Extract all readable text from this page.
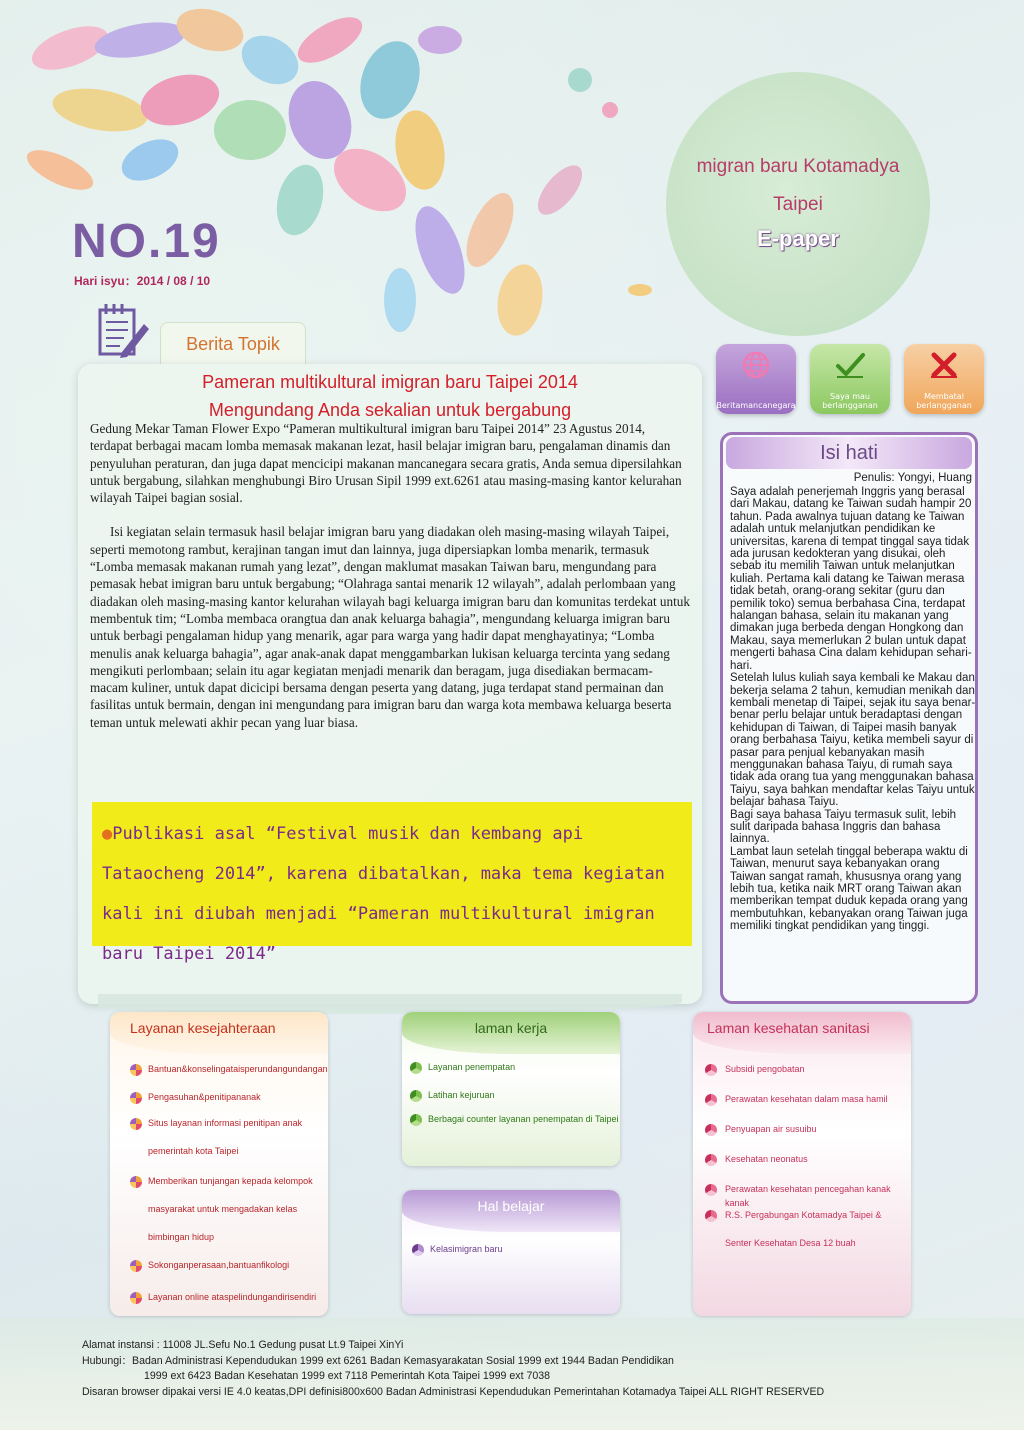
migran baru Kotamadya
Taipei
E-paper
NO.19
Hari isyu：2014 / 08 / 10
Berita Topik
Pameran multikultural imigran baru Taipei 2014
Mengundang Anda sekalian untuk bergabung

Gedung Mekar Taman Flower Expo “Pameran multikultural imigran baru Taipei 2014” 23 Agustus 2014, terdapat berbagai macam lomba memasak makanan lezat, hasil belajar imigran baru, pengalaman dinamis dan penyuluhan peraturan, dan juga dapat mencicipi makanan mancanegara secara gratis, Anda semua dipersilahkan untuk bergabung, silahkan menghubungi Biro Urusan Sipil 1999 ext.6261 atau masing-masing kantor kelurahan wilayah Taipei bagian sosial.

Isi kegiatan selain termasuk hasil belajar imigran baru yang diadakan oleh masing-masing wilayah Taipei, seperti memotong rambut, kerajinan tangan imut dan lainnya, juga dipersiapkan lomba menarik, termasuk “Lomba memasak makanan rumah yang lezat”, dengan maklumat masakan Taiwan baru, mengundang para pemasak hebat imigran baru untuk bergabung; “Olahraga santai menarik 12 wilayah”, adalah perlombaan yang diadakan oleh masing-masing kantor kelurahan wilayah bagi keluarga imigran baru dan komunitas terdekat untuk membentuk tim; “Lomba membaca orangtua dan anak keluarga bahagia”, mengundang keluarga imigran baru untuk berbagi pengalaman hidup yang menarik, agar para warga yang hadir dapat menghayatinya; “Lomba menulis anak keluarga bahagia”, agar anak-anak dapat menggambarkan lukisan keluarga tercinta yang sedang mengikuti perlombaan; selain itu agar kegiatan menjadi menarik dan beragam, juga disediakan bermacam-macam kuliner, untuk dapat dicicipi bersama dengan peserta yang datang, juga terdapat stand permainan dan fasilitas untuk bermain, dengan ini mengundang para imigran baru dan warga kota membawa keluarga beserta teman untuk melewati akhir pecan yang luar biasa.

●Publikasi asal “Festival musik dan kembang api Tataocheng 2014”, karena dibatalkan, maka tema kegiatan kali ini diubah menjadi “Pameran multikultural imigran baru Taipei 2014”
Beritamancanegara
Saya mau berlangganan
Membatal berlangganan
Isi hati
Penulis: Yongyi, Huang

Saya adalah penerjemah Inggris yang berasal dari Makau, datang ke Taiwan sudah hampir 20 tahun. Pada awalnya tujuan datang ke Taiwan adalah untuk melanjutkan pendidikan ke universitas, karena di tempat tinggal saya tidak ada jurusan kedokteran yang disukai, oleh sebab itu memilih Taiwan untuk melanjutkan kuliah. Pertama kali datang ke Taiwan merasa tidak betah, orang-orang sekitar (guru dan pemilik toko) semua berbahasa Cina, terdapat halangan bahasa, selain itu makanan yang dimakan juga berbeda dengan Hongkong dan Makau, saya memerlukan 2 bulan untuk dapat mengerti bahasa Cina dalam kehidupan sehari-hari.

Setelah lulus kuliah saya kembali ke Makau dan bekerja selama 2 tahun, kemudian menikah dan kembali menetap di Taipei, sejak itu saya benar-benar perlu belajar untuk beradaptasi dengan kehidupan di Taiwan, di Taipei masih banyak orang berbahasa Taiyu, ketika membeli sayur di pasar para penjual kebanyakan masih menggunakan bahasa Taiyu, di rumah saya tidak ada orang tua yang menggunakan bahasa Taiyu, saya bahkan mendaftar kelas Taiyu untuk belajar bahasa Taiyu.

Bagi saya bahasa Taiyu termasuk sulit, lebih sulit daripada bahasa Inggris dan bahasa lainnya.

Lambat laun setelah tinggal beberapa waktu di Taiwan, menurut saya kebanyakan orang Taiwan sangat ramah, khususnya orang yang lebih tua, ketika naik MRT orang Taiwan akan memberikan tempat duduk kepada orang yang membutuhkan, kebanyakan orang Taiwan juga memiliki tingkat pendidikan yang tinggi.

Layanan kesejahteraan
Bantuan&konselingataisperundangundangan
Pengasuhan&penitipananak
Situs layanan informasi penitipan anak
pemerintah kota Taipei
Memberikan tunjangan kepada kelompok
masyarakat untuk mengadakan kelas
bimbingan hidup
Sokonganperasaan,bantuanfikologi
Layanan online ataspelindungandirisendiri
laman kerja
Layanan penempatan
Latihan kejuruan
Berbagai counter layanan penempatan di Taipei
Hal belajar
Kelasimigran baru
Laman kesehatan sanitasi
Subsidi pengobatan
Perawatan kesehatan dalam masa hamil
Penyuapan air susuibu
Kesehatan neonatus
Perawatan kesehatan pencegahan kanak kanak
R.S. Pergabungan Kotamadya Taipei &
Senter Kesehatan Desa 12 buah
Alamat instansi : 11008 JL.Sefu No.1 Gedung pusat Lt.9 Taipei XinYi
Hubungi：Badan Administrasi Kependudukan 1999 ext 6261 Badan Kemasyarakatan Sosial 1999 ext 1944 Badan Pendidikan
1999 ext 6423 Badan Kesehatan 1999 ext 7118 Pemerintah Kota Taipei 1999 ext 7038
Disaran browser dipakai versi IE 4.0 keatas,DPI definisi800x600 Badan Administrasi Kependudukan Pemerintahan Kotamadya Taipei ALL RIGHT RESERVED
